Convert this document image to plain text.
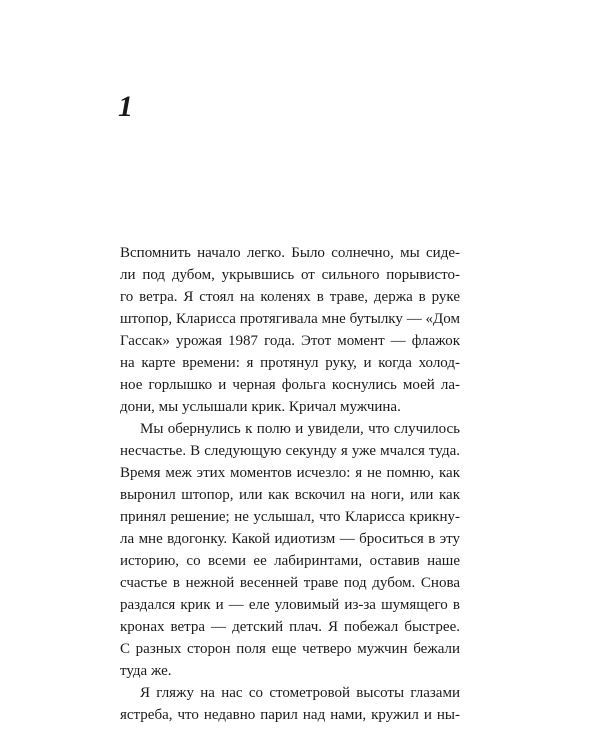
1

Вспомнить начало легко. Было солнечно, мы сиде-
ли под дубом, укрывшись от сильного порывисто-
го ветра. Я стоял на коленях в траве, держа в руке
штопор, Кларисса протягивала мне бутылку — «Дом
Гассак» урожая 1987 года. Этот момент — флажок
на карте времени: я протянул руку, и когда холод-
ное горлышко и черная фольга коснулись моей ла-
дони, мы услышали крик. Кричал мужчина.

Мы обернулись к полю и увидели, что случилось
несчастье. В следующую секунду я уже мчался туда.
Время меж этих моментов исчезло: я не помню, как
выронил штопор, или как вскочил на ноги, или как
принял решение; не услышал, что Кларисса крикну-
ла мне вдогонку. Какой идиотизм — броситься в эту
историю, со всеми ее лабиринтами, оставив наше
счастье в нежной весенней траве под дубом. Снова
раздался крик и — еле уловимый из-за шумящего в
кронах ветра — детский плач. Я побежал быстрее.
С разных сторон поля еще четверо мужчин бежали
туда же.

Я гляжу на нас со стометровой высоты глазами
ястреба, что недавно парил над нами, кружил и ны-
